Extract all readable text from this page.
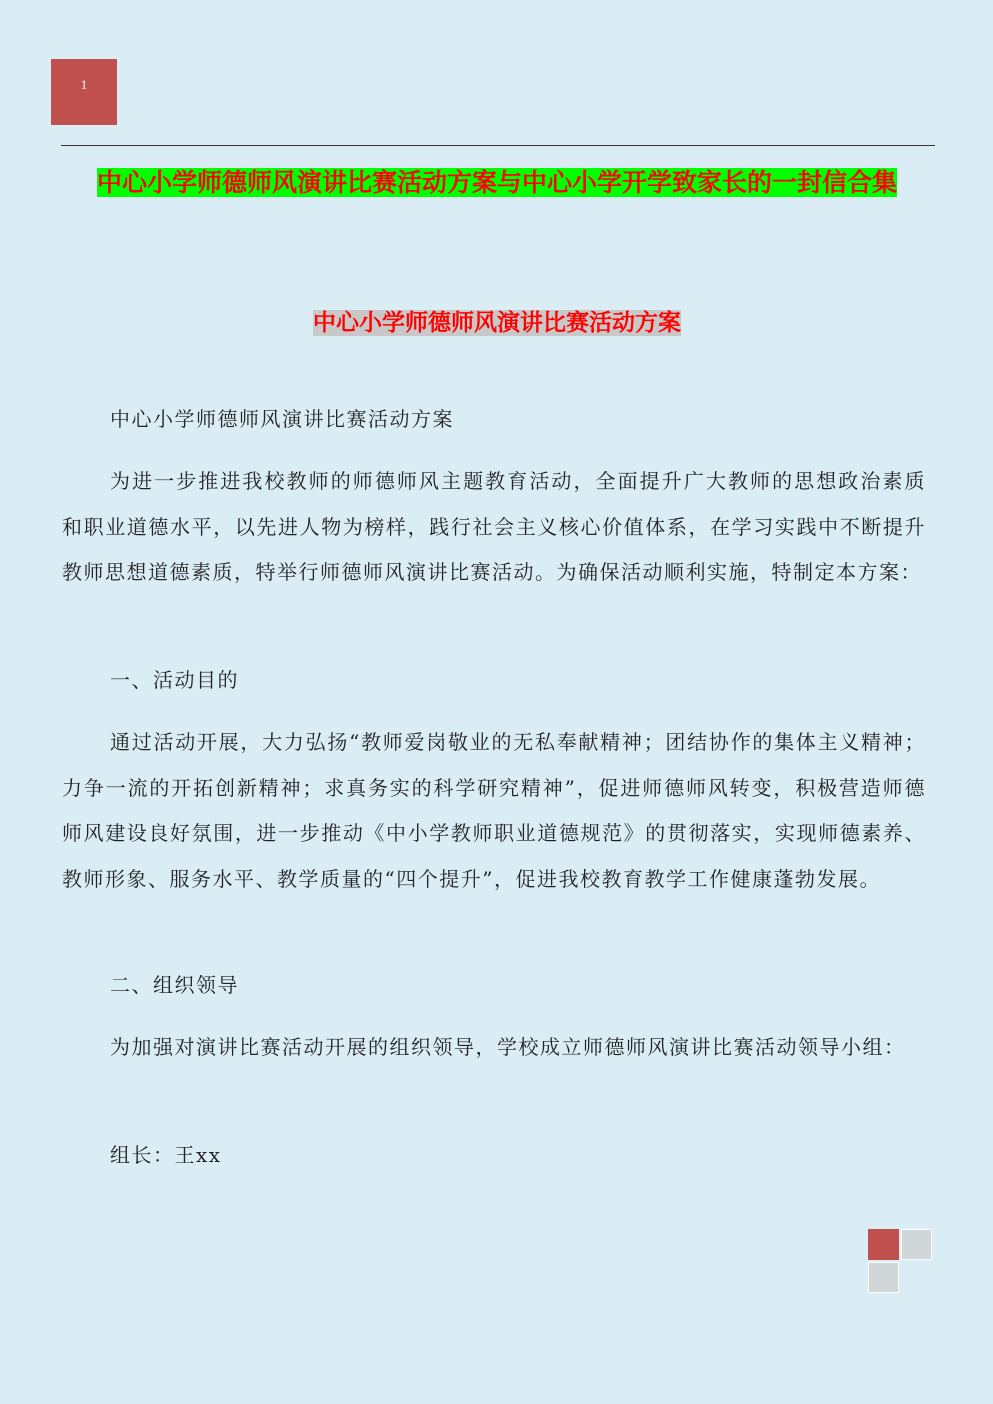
1
中心小学师德师风演讲比赛活动方案与中心小学开学致家长的一封信合集
中心小学师德师风演讲比赛活动方案
中心小学师德师风演讲比赛活动方案
为进一步推进我校教师的师德师风主题教育活动，全面提升广大教师的思想政治素质和职业道德水平，以先进人物为榜样，践行社会主义核心价值体系，在学习实践中不断提升教师思想道德素质，特举行师德师风演讲比赛活动。为确保活动顺利实施，特制定本方案：
一、活动目的
通过活动开展，大力弘扬“教师爱岗敬业的无私奉献精神；团结协作的集体主义精神；力争一流的开拓创新精神；求真务实的科学研究精神”，促进师德师风转变，积极营造师德师风建设良好氛围，进一步推动《中小学教师职业道德规范》的贯彻落实，实现师德素养、教师形象、服务水平、教学质量的“四个提升”，促进我校教育教学工作健康蓬勃发展。
二、组织领导
为加强对演讲比赛活动开展的组织领导，学校成立师德师风演讲比赛活动领导小组：
组长：王xx
